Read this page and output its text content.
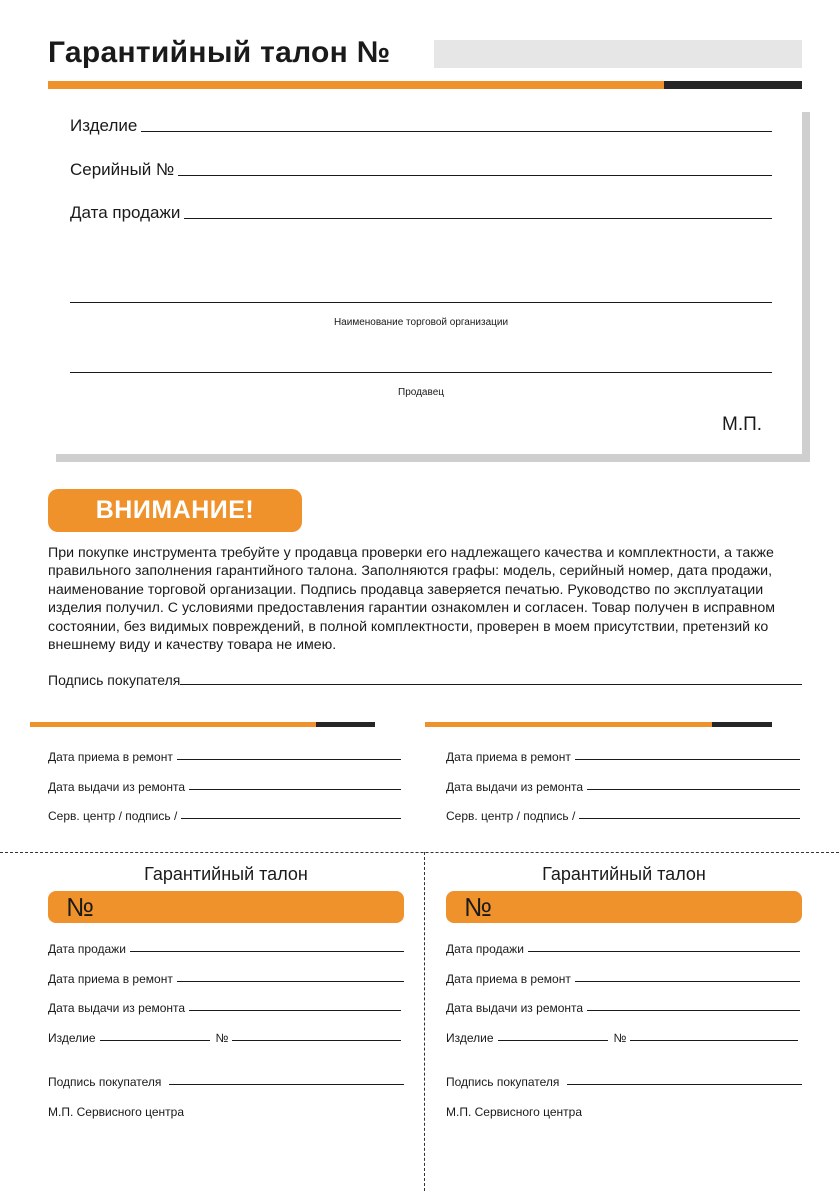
Гарантийный талон №
Изделие
Серийный №
Дата продажи
Наименование торговой организации
Продавец
М.П.
ВНИМАНИЕ!
При покупке инструмента требуйте у продавца проверки его надлежащего качества и комплектности, а также правильного заполнения гарантийного талона. Заполняются графы: модель, серийный номер, дата продажи, наименование торговой организации. Подпись продавца заверяется печатью. Руководство по эксплуатации изделия получил. С условиями предоставления гарантии ознакомлен и согласен. Товар получен в исправном состоянии, без видимых повреждений, в полной комплектности, проверен в моем присутствии, претензий ко внешнему виду и качеству товара не имею.
Подпись покупателя
Дата приема в ремонт
Дата выдачи из ремонта
Серв. центр / подпись /
Дата приема в ремонт
Дата выдачи из ремонта
Серв. центр / подпись /
Гарантийный талон
№
Дата продажи
Дата приема в ремонт
Дата выдачи из ремонта
Изделие	№
Подпись покупателя
М.П. Сервисного центра
Гарантийный талон
№
Дата продажи
Дата приема в ремонт
Дата выдачи из ремонта
Изделие	№
Подпись покупателя
М.П. Сервисного центра
